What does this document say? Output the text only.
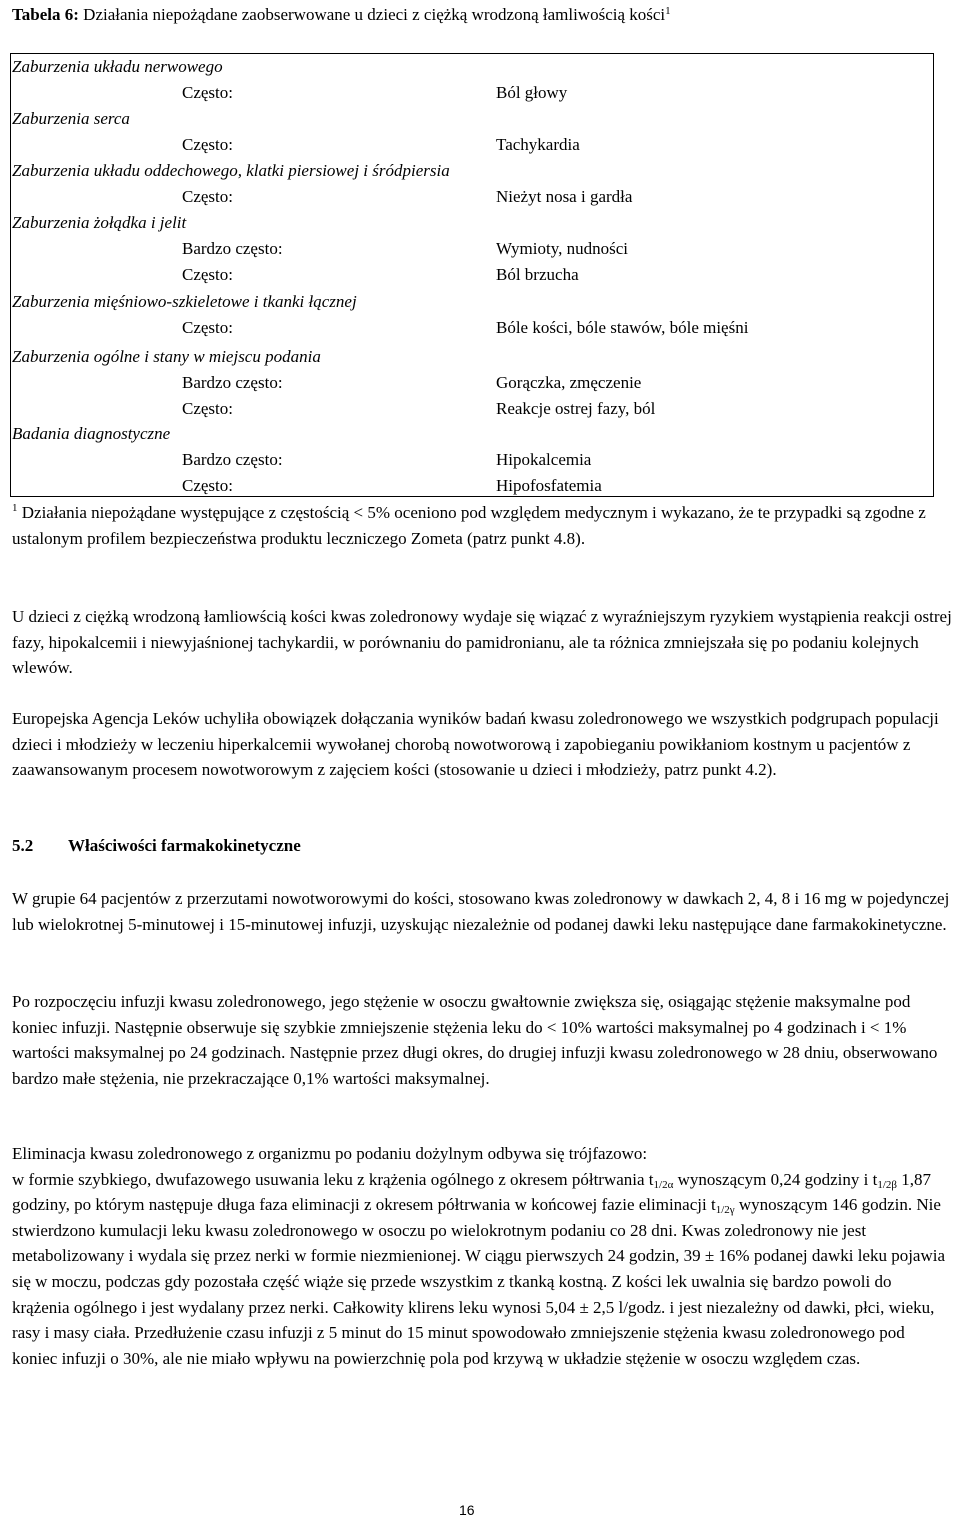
Tabela 6: Działania niepożądane zaobserwowane u dzieci z ciężką wrodzoną łamliwością kości$^1$
Zaburzenia układu nerwowego
Często:	Ból głowy
Zaburzenia serca
Często:	Tachykardia
Zaburzenia układu oddechowego, klatki piersiowej i śródpiersia
Często:	Nieżyt nosa i gardła
Zaburzenia żołądka i jelit
Bardzo często:	Wymioty, nudności
Często:	Ból brzucha
Zaburzenia mięśniowo-szkieletowe i tkanki łącznej
Często:	Bóle kości, bóle stawów, bóle mięśni
Zaburzenia ogólne i stany w miejscu podania
Bardzo często:	Gorączka, zmęczenie
Często:	Reakcje ostrej fazy, ból
Badania diagnostyczne
Bardzo często:	Hipokalcemia
Często:	Hipofosfatemia

$^1$ Działania niepożądane występujące z częstością < 5% oceniono pod względem medycznym i wykazano, że te przypadki są zgodne z ustalonym profilem bezpieczeństwa produktu leczniczego Zometa (patrz punkt 4.8).

U dzieci z ciężką wrodzoną łamliowścią kości kwas zoledronowy wydaje się wiązać z wyraźniejszym ryzykiem wystąpienia reakcji ostrej fazy, hipokalcemii i niewyjaśnionej tachykardii, w porównaniu do pamidronianu, ale ta różnica zmniejszała się po podaniu kolejnych wlewów.

Europejska Agencja Leków uchyliła obowiązek dołączania wyników badań kwasu zoledronowego we wszystkich podgrupach populacji dzieci i młodzieży w leczeniu hiperkalcemii wywołanej chorobą nowotworową i zapobieganiu powikłaniom kostnym u pacjentów z zaawansowanym procesem nowotworowym z zajęciem kości (stosowanie u dzieci i młodzieży, patrz punkt 4.2).

5.2 Właściwości farmakokinetyczne

W grupie 64 pacjentów z przerzutami nowotworowymi do kości, stosowano kwas zoledronowy w dawkach 2, 4, 8 i 16 mg w pojedynczej lub wielokrotnej 5-minutowej i 15-minutowej infuzji, uzyskując niezależnie od podanej dawki leku następujące dane farmakokinetyczne.

Po rozpoczęciu infuzji kwasu zoledronowego, jego stężenie w osoczu gwałtownie zwiększa się, osiągając stężenie maksymalne pod koniec infuzji. Następnie obserwuje się szybkie zmniejszenie stężenia leku do < 10% wartości maksymalnej po 4 godzinach i < 1% wartości maksymalnej po 24 godzinach. Następnie przez długi okres, do drugiej infuzji kwasu zoledronowego w 28 dniu, obserwowano bardzo małe stężenia, nie przekraczające 0,1% wartości maksymalnej.

Eliminacja kwasu zoledronowego z organizmu po podaniu dożylnym odbywa się trójfazowo:
w formie szybkiego, dwufazowego usuwania leku z krążenia ogólnego z okresem półtrwania $t_{1/2\alpha}$ wynoszącym 0,24 godziny i $t_{1/2\beta}$ 1,87 godziny, po którym następuje długa faza eliminacji z okresem półtrwania w końcowej fazie eliminacji $t_{1/2\gamma}$ wynoszącym 146 godzin. Nie stwierdzono kumulacji leku kwasu zoledronowego w osoczu po wielokrotnym podaniu co 28 dni. Kwas zoledronowy nie jest metabolizowany i wydala się przez nerki w formie niezmienionej. W ciągu pierwszych 24 godzin, 39 ± 16% podanej dawki leku pojawia się w moczu, podczas gdy pozostała część wiąże się przede wszystkim z tkanką kostną. Z kości lek uwalnia się bardzo powoli do krążenia ogólnego i jest wydalany przez nerki. Całkowity klirens leku wynosi 5,04 ± 2,5 l/godz. i jest niezależny od dawki, płci, wieku, rasy i masy ciała. Przedłużenie czasu infuzji z 5 minut do 15 minut spowodowało zmniejszenie stężenia kwasu zoledronowego pod koniec infuzji o 30%, ale nie miało wpływu na powierzchnię pola pod krzywą w układzie stężenie w osoczu względem czas.

16
